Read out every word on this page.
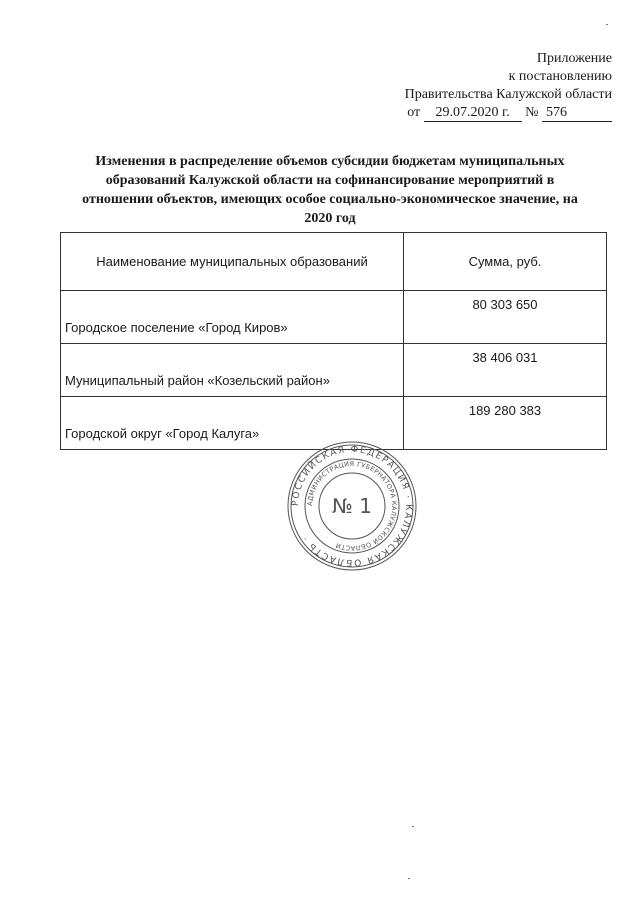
Приложение
к постановлению
Правительства Калужской области
от 29.07.2020 г. № 576
Изменения в распределение объемов субсидии бюджетам муниципальных образований Калужской области на софинансирование мероприятий в отношении объектов, имеющих особое социально-экономическое значение, на 2020 год
Наименование муниципальных образований	Сумма, руб.
Городское поселение «Город Киров»	80 303 650
Муниципальный район «Козельский район»	38 406 031
Городской округ «Город Калуга»	189 280 383
РОССИЙСКАЯ ФЕДЕРАЦИЯ · КАЛУЖСКАЯ ОБЛАСТЬ ·
АДМИНИСТРАЦИЯ ГУБЕРНАТОРА КАЛУЖСКОЙ ОБЛАСТИ
№ 1
